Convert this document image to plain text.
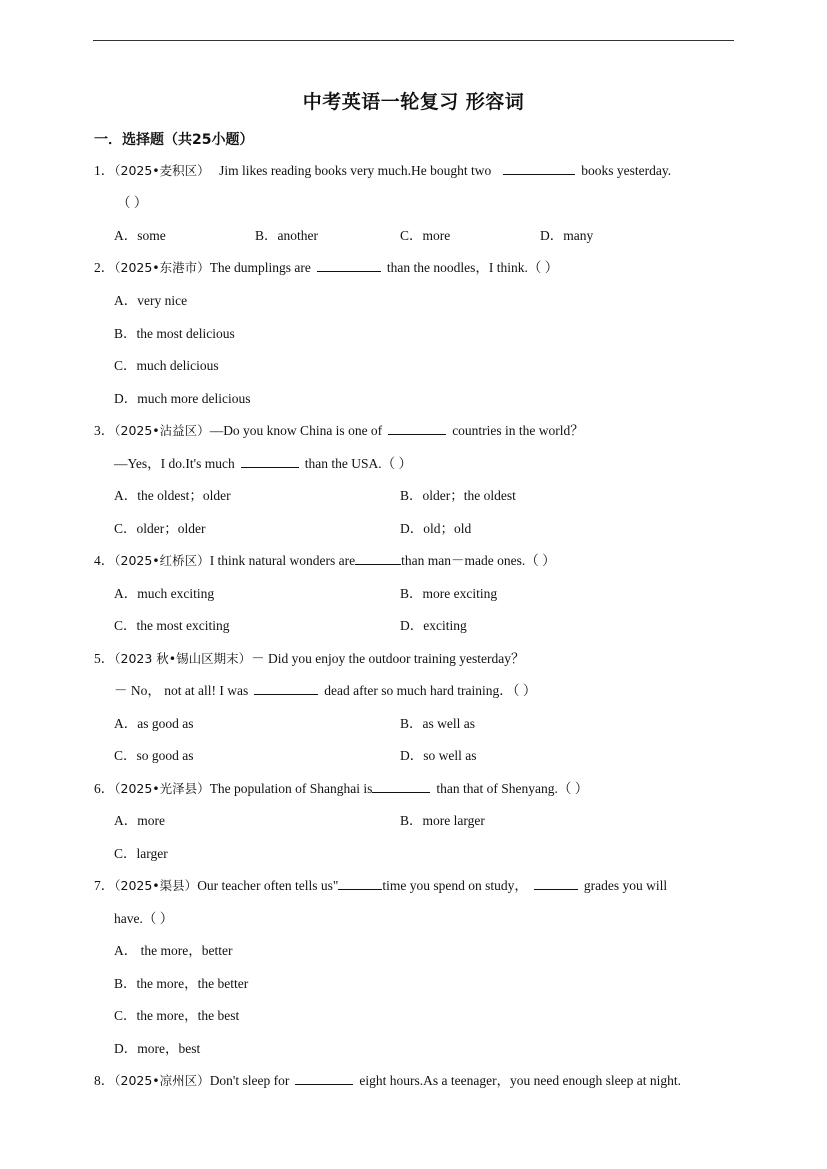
中考英语一轮复习 形容词
一．选择题（共25小题）
1．（2025•麦积区） Jim likes reading books very much.He bought two	books yesterday.
（ ）
A．some	B．another	C．more	D．many
2．（2025•东港市）The dumplings are	than the noodles，I think.（ ）
A．very nice
B．the most delicious
C．much delicious
D．much more delicious
3．（2025•沾益区）—Do you know China is one of	countries in the world？
—Yes，I do.It's much	than the USA.（ ）
A．the oldest；older	B．older；the oldest
C．older；older	D．old；old
4．（2025•红桥区）I think natural wonders are	than man－made ones.（ ）
A．much exciting	B．more exciting
C．the most exciting	D．exciting
5．（2023 秋•锡山区期末）－ Did you enjoy the outdoor training yesterday？
－ No， not at all! I was	dead after so much hard training．（ ）
A．as good as	B．as well as
C．so good as	D．so well as
6．（2025•光泽县）The population of Shanghai is	than that of Shenyang.（ ）
A．more	B．more larger
C．larger
7．（2025•渠县）Our teacher often tells us"	time you spend on study，	grades you will
have.（ ）
A． the more，better
B．the more，the better
C．the more，the best
D．more，best
8．（2025•凉州区）Don't sleep for	eight hours.As a teenager，you need enough sleep at night.
